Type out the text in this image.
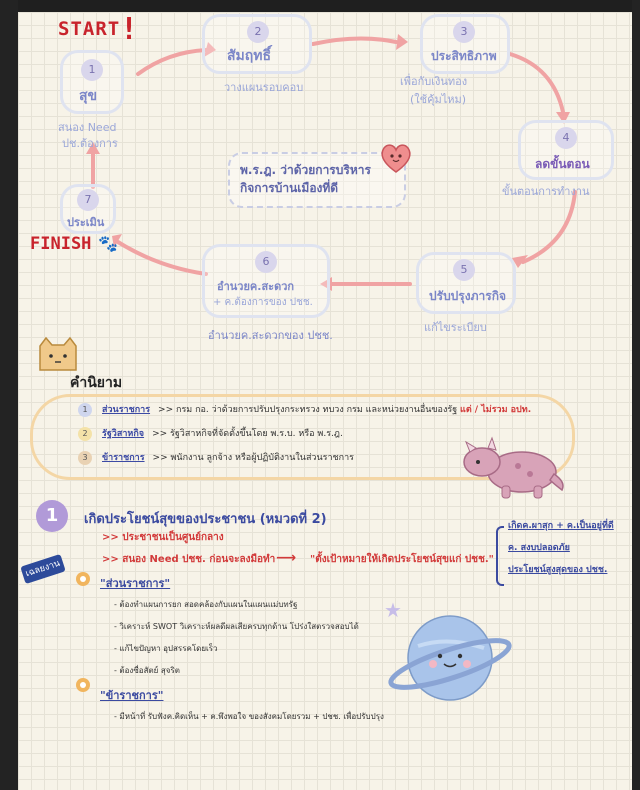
START !
1
สุข
สนอง Need
ปช.ต้องการ
2
สัมฤทธิ์
วางแผนรอบคอบ
3
ประสิทธิภาพ
เพื่อกับเงินทอง
(ใช้คุ้มไหม)
4
ลดขั้นตอน
ขั้นตอนการทำงาน
5
ปรับปรุงภารกิจ
แก้ไขระเบียบ
6
อำนวยค.สะดวก
+ ค.ต้องการของ ปชช.
อำนวยค.สะดวกของ ปชช.
7
ประเมิน
FINISH 🐾
พ.ร.ฎ. ว่าด้วยการบริหาร
กิจการบ้านเมืองที่ดี
คำนิยาม
1 ส่วนราชการ >> กรม กอ. ว่าด้วยการปรับปรุงกระทรวง ทบวง กรม และหน่วยงานอื่นของรัฐ แต่ / ไม่รวม อปท.
2 รัฐวิสาหกิจ >> รัฐวิสาหกิจที่จัดตั้งขึ้นโดย พ.ร.บ. หรือ พ.ร.ฎ.
3 ข้าราชการ >> พนักงาน ลูกจ้าง หรือผู้ปฏิบัติงานในส่วนราชการ
1	เกิดประโยชน์สุขของประชาชน (หมวดที่ 2)
>> ประชาชนเป็นศูนย์กลาง
>> สนอง Need ปชช. ก่อนจะลงมือทำ	"ตั้งเป้าหมายให้เกิดประโยชน์สุขแก่ ปชช."
⟶
เกิดค.ผาสุก + ค.เป็นอยู่ที่ดี
ค. สงบปลอดภัย
ประโยชน์สูงสุดของ ปชช.
เฉลยงาน
"ส่วนราชการ"
- ต้องทำแผนการยก สอดคล้องกับแผนในแผนแม่บทรัฐ
- วิเคราะห์ SWOT วิเคราะห์ผลดีผลเสียครบทุกด้าน โปร่งใสตรวจสอบได้
- แก้ไขปัญหา อุปสรรคโดยเร็ว
- ต้องซื่อสัตย์ สุจริต
"ข้าราชการ"
- มีหน้าที่ รับฟังค.คิดเห็น + ค.พึงพอใจ ของสังคมโดยรวม + ปชช. เพื่อปรับปรุง
★
